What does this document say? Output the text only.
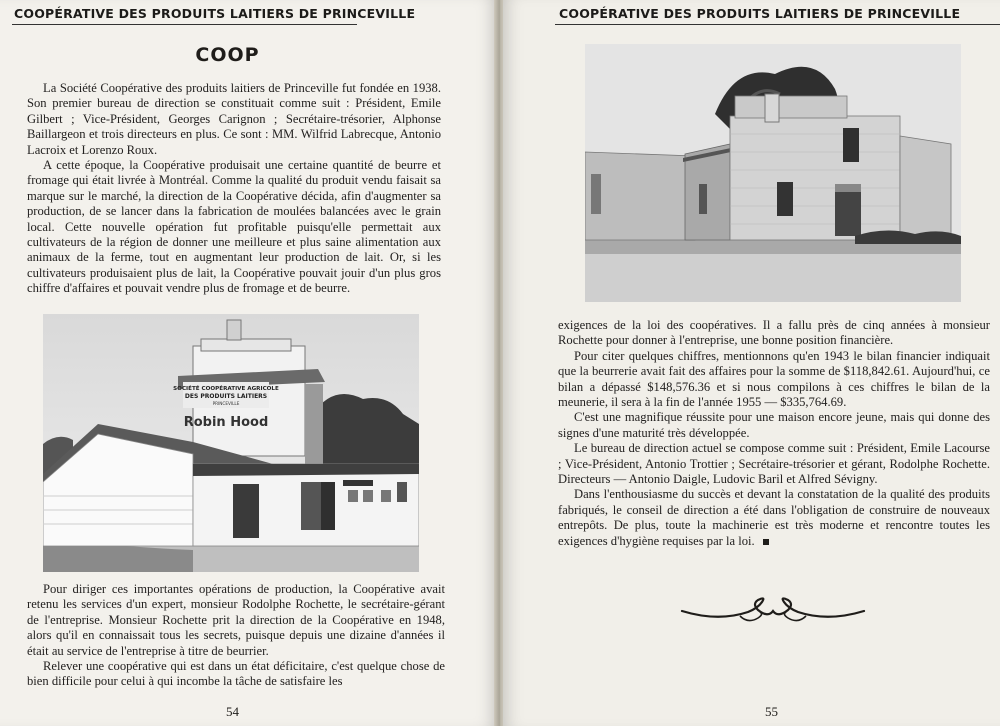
COOPÉRATIVE DES PRODUITS LAITIERS DE PRINCEVILLE
COOP

La Société Coopérative des produits laitiers de Princeville fut fondée en 1938. Son premier bureau de direction se constituait comme suit : Président, Emile Gilbert ; Vice-Président, Georges Carignon ; Secrétaire-trésorier, Alphonse Baillargeon et trois directeurs en plus. Ce sont : MM. Wilfrid Labrecque, Antonio Lacroix et Lorenzo Roux.

A cette époque, la Coopérative produisait une certaine quantité de beurre et fromage qui était livrée à Montréal. Comme la qualité du produit vendu faisait sa marque sur le marché, la direction de la Coopérative décida, afin d'augmenter sa production, de se lancer dans la fabrication de moulées balancées avec le grain local. Cette nouvelle opération fut profitable puisqu'elle permettait aux cultivateurs de la région de donner une meilleure et plus saine alimentation aux animaux de la ferme, tout en augmentant leur production de lait. Or, si les cultivateurs produisaient plus de lait, la Coopérative pouvait jouir d'un plus gros chiffre d'affaires et pouvait vendre plus de fromage et de beurre.

SOCIÉTÉ COOPÉRATIVE AGRICOLE
DES PRODUITS LAITIERS
PRINCEVILLE
Robin Hood

Pour diriger ces importantes opérations de production, la Coopérative avait retenu les services d'un expert, monsieur Rodolphe Rochette, le secrétaire-gérant de l'entreprise. Monsieur Rochette prit la direction de la Coopérative en 1948, alors qu'il en connaissait tous les secrets, puisque depuis une dizaine d'années il était au service de l'entreprise à titre de beurrier.

Relever une coopérative qui est dans un état déficitaire, c'est quelque chose de bien difficile pour celui à qui incombe la tâche de satisfaire les

54
COOPÉRATIVE DES PRODUITS LAITIERS DE PRINCEVILLE

exigences de la loi des coopératives. Il a fallu près de cinq années à monsieur Rochette pour donner à l'entreprise, une bonne position financière.

Pour citer quelques chiffres, mentionnons qu'en 1943 le bilan financier indiquait que la beurrerie avait fait des affaires pour la somme de $118,842.61. Aujourd'hui, ce bilan a dépassé $148,576.36 et si nous compilons à ces chiffres le bilan de la meunerie, il sera à la fin de l'année 1955 — $335,764.69.

C'est une magnifique réussite pour une maison encore jeune, mais qui donne des signes d'une maturité très développée.

Le bureau de direction actuel se compose comme suit : Président, Emile Lacourse ; Vice-Président, Antonio Trottier ; Secrétaire-trésorier et gérant, Rodolphe Rochette. Directeurs — Antonio Daigle, Ludovic Baril et Alfred Sévigny.

Dans l'enthousiasme du succès et devant la constatation de la qualité des produits fabriqués, le conseil de direction a été dans l'obligation de construire de nouveaux entrepôts. De plus, toute la machinerie est très moderne et rencontre toutes les exigences d'hygiène requises par la loi.

55
